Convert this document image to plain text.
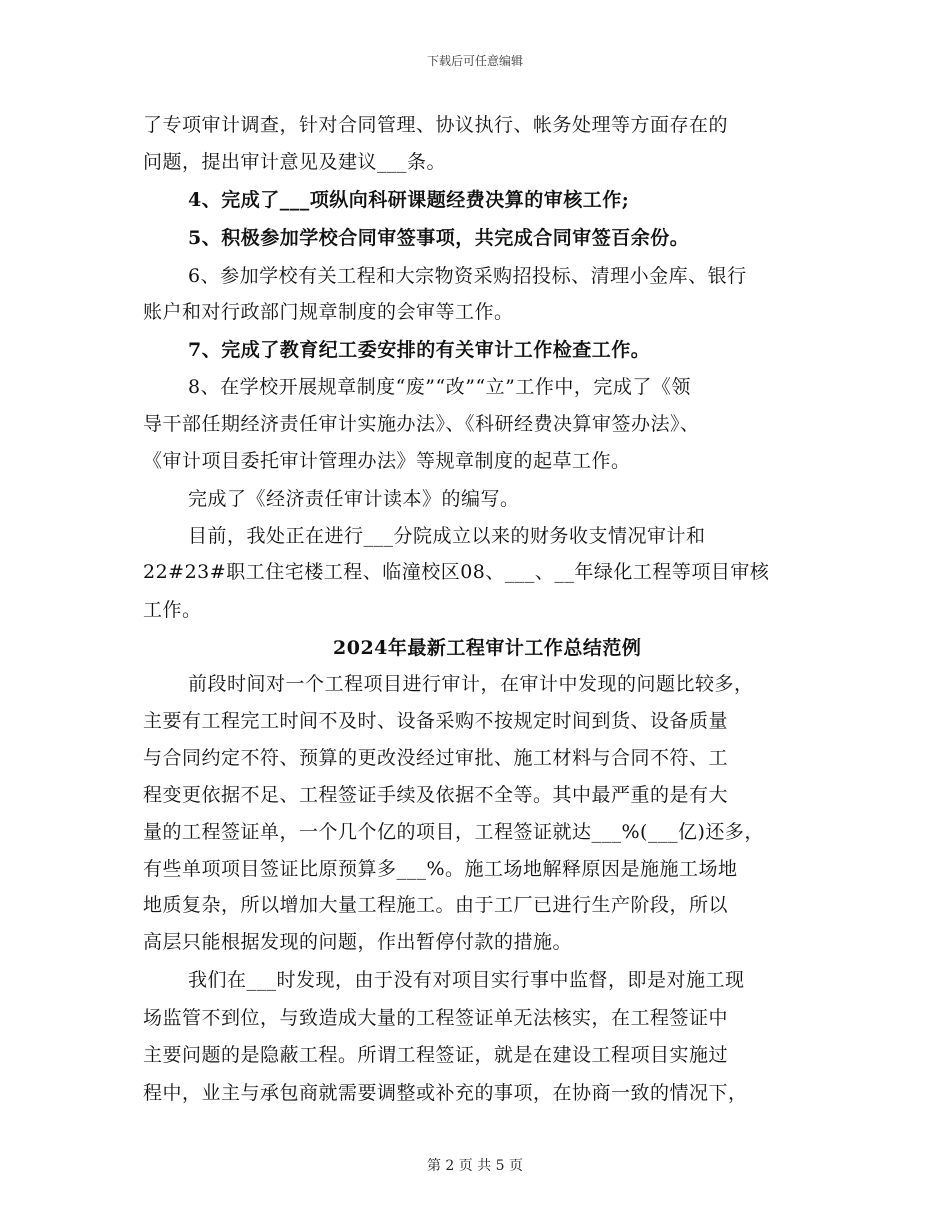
下载后可任意编辑
了专项审计调查，针对合同管理、协议执行、帐务处理等方面存在的
问题，提出审计意见及建议___条。
4、完成了___项纵向科研课题经费决算的审核工作;
5、积极参加学校合同审签事项，共完成合同审签百余份。
6、参加学校有关工程和大宗物资采购招投标、清理小金库、银行
账户和对行政部门规章制度的会审等工作。
7、完成了教育纪工委安排的有关审计工作检查工作。
8、在学校开展规章制度“废”“改”“立”工作中，完成了《领
导干部任期经济责任审计实施办法》、《科研经费决算审签办法》、
《审计项目委托审计管理办法》等规章制度的起草工作。
完成了《经济责任审计读本》的编写。
目前，我处正在进行___分院成立以来的财务收支情况审计和
22#23#职工住宅楼工程、临潼校区08、___、__年绿化工程等项目审核
工作。
2024年最新工程审计工作总结范例
前段时间对一个工程项目进行审计，在审计中发现的问题比较多，
主要有工程完工时间不及时、设备采购不按规定时间到货、设备质量
与合同约定不符、预算的更改没经过审批、施工材料与合同不符、工
程变更依据不足、工程签证手续及依据不全等。其中最严重的是有大
量的工程签证单，一个几个亿的项目，工程签证就达___%(___亿)还多，
有些单项项目签证比原预算多___%。施工场地解释原因是施施工场地
地质复杂，所以增加大量工程施工。由于工厂已进行生产阶段，所以
高层只能根据发现的问题，作出暂停付款的措施。
我们在___时发现，由于没有对项目实行事中监督，即是对施工现
场监管不到位，与致造成大量的工程签证单无法核实，在工程签证中
主要问题的是隐蔽工程。所谓工程签证，就是在建设工程项目实施过
程中，业主与承包商就需要调整或补充的事项，在协商一致的情况下，
第 2 页 共 5 页
